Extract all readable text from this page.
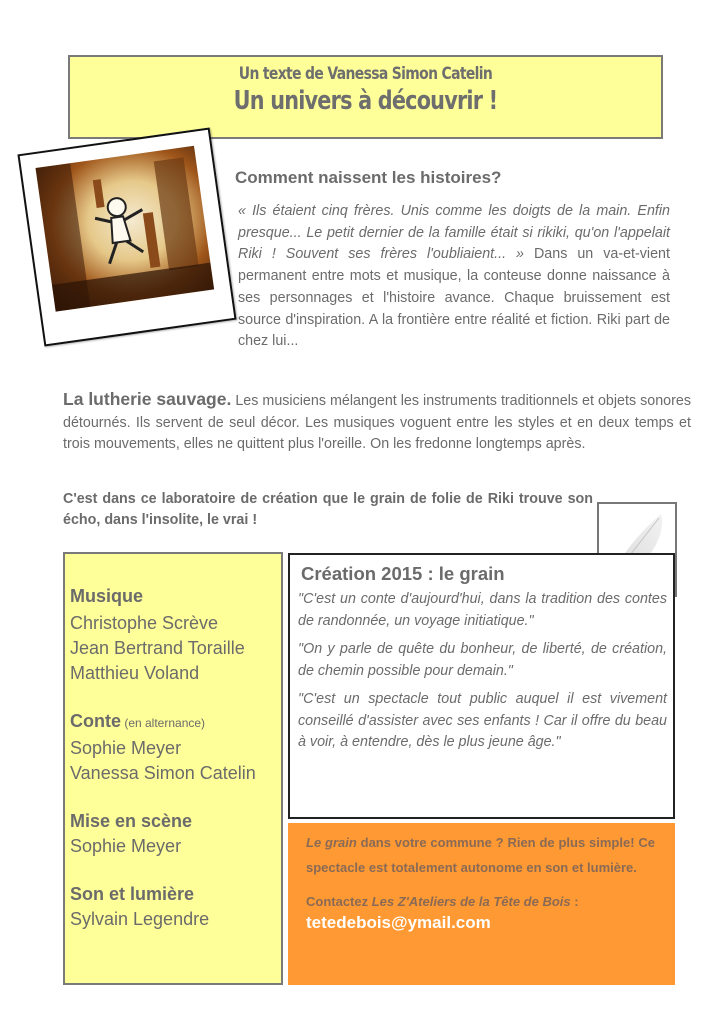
Un texte de Vanessa Simon Catelin
Un univers à découvrir !
Comment naissent les histoires?
« Ils étaient cinq frères. Unis comme les doigts de la main. Enfin presque... Le petit dernier de la famille était si rikiki, qu'on l'appelait Riki ! Souvent ses frères l'oubliaient... » Dans un va-et-vient permanent entre mots et musique, la conteuse donne naissance à ses personnages et l'histoire avance. Chaque bruissement est source d'inspiration. A la frontière entre réalité et fiction. Riki part de chez lui...
La lutherie sauvage. Les musiciens mélangent les instruments traditionnels et objets sonores détournés. Ils servent de seul décor. Les musiques voguent entre les styles et en deux temps et trois mouvements, elles ne quittent plus l'oreille. On les fredonne longtemps après.
C'est dans ce laboratoire de création que le grain de folie de Riki trouve son écho, dans l'insolite, le vrai !
Musique
Christophe Scrève
Jean Bertrand Toraille
Matthieu Voland
Conte (en alternance)
Sophie Meyer
Vanessa Simon Catelin
Mise en scène
Sophie Meyer
Son et lumière
Sylvain Legendre
Création 2015 : le grain
"C'est un conte d'aujourd'hui, dans la tradition des contes de randonnée, un voyage initiatique."
"On y parle de quête du bonheur, de liberté, de création, de chemin possible pour demain."
"C'est un spectacle tout public auquel il est vivement conseillé d'assister avec ses enfants ! Car il offre du beau à voir, à entendre, dès le plus jeune âge."
Le grain dans votre commune ? Rien de plus simple! Ce spectacle est totalement autonome en son et lumière.
Contactez Les Z'Ateliers de la Tête de Bois :
tetedebois@ymail.com
